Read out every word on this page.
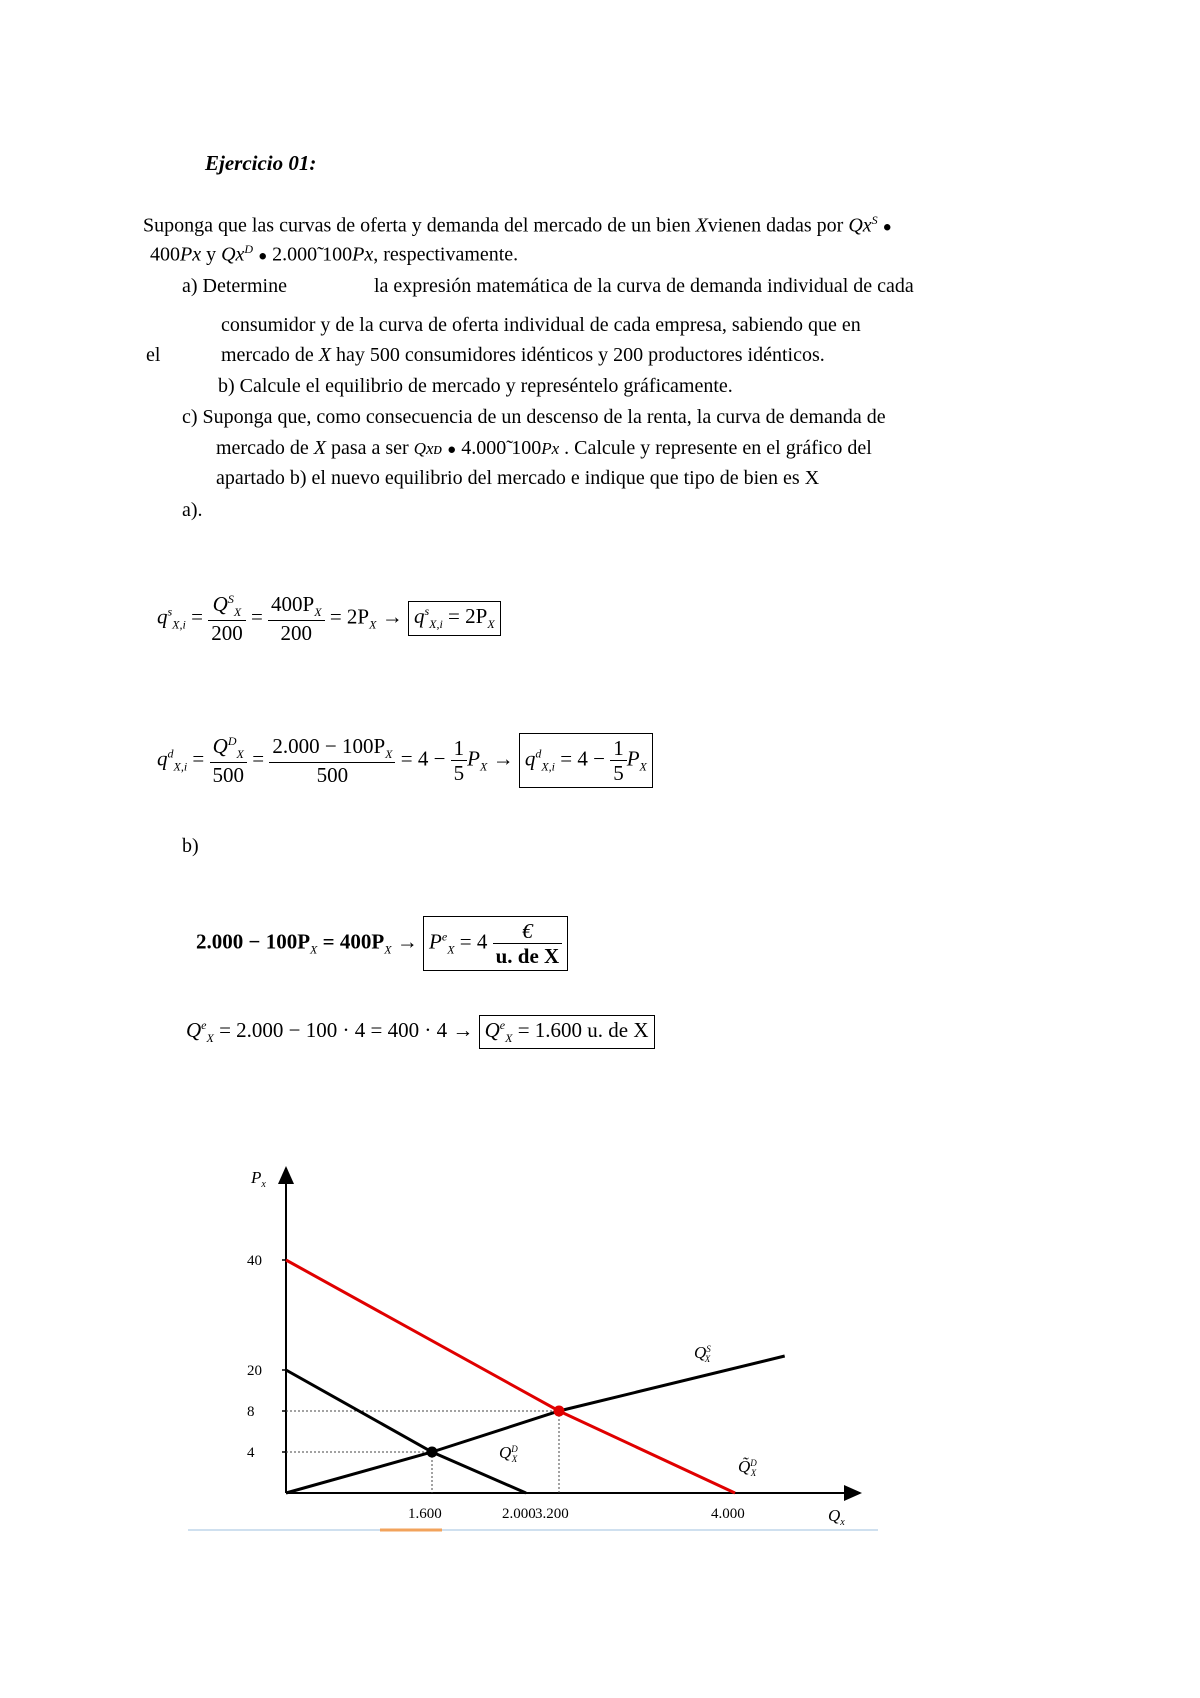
Ejercicio 01:
Suponga que las curvas de oferta y demanda del mercado de un bien Xvienen dadas por $Qx^S$ ●
400Px y $Qx^D$ ● 2.000 100Px, respectivamente.
a) Determine	la expresión matemática de la curva de demanda individual de cada
consumidor y de la curva de oferta individual de cada empresa, sabiendo que en
el	mercado de X hay 500 consumidores idénticos y 200 productores idénticos.
b) Calcule el equilibrio de mercado y represéntelo gráficamente.
c) Suponga que, como consecuencia de un descenso de la renta, la curva de demanda de
mercado de X pasa a ser Qxᴅ ● 4.000 100Px . Calcule y represente en el gráfico del
apartado b) el nuevo equilibrio del mercado e indique que tipo de bien es X
a).
$q^s_{X,i} = \frac{Q^S_X}{200} = \frac{400P_X}{200} = 2P_X \to q^s_{X,i} = 2P_X$
$q^d_{X,i} = \frac{Q^D_X}{500} = \frac{2.000 - 100P_X}{500} = 4 - \frac{1}{5} P_X \to q^d_{X,i} = 4 - \frac{1}{5} P_X$
b)
$2.000 - 100P_X = 400P_X \to P^e_X = 4 \frac{€}{\text{u. de X}}$
$Q^e_X = 2.000 - 100 \cdot 4 = 400 \cdot 4 \to Q^e_X = 1.600$ u. de X
$P_x$
$Q_x$
40
20
8
4
1.600	2.000 3.200	4.000
$Q^S$ X
$Q^D$ X	Q̃$^D$ X
